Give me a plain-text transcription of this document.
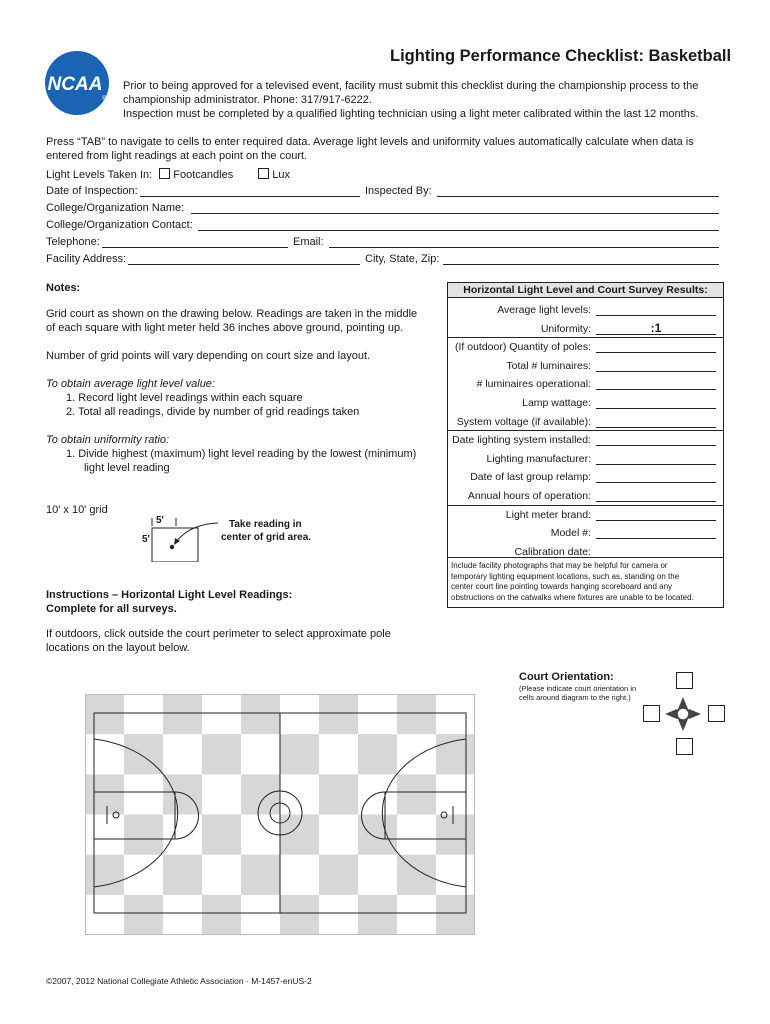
NCAA
®
Lighting Performance Checklist: Basketball
Prior to being approved for a televised event, facility must submit this checklist during the championship process to the
championship administrator. Phone: 317/917-6222.
Inspection must be completed by a qualified lighting technician using a light meter calibrated within the last 12 months.
Press “TAB” to navigate to cells to enter required data. Average light levels and uniformity values automatically calculate when data is
entered from light readings at each point on the court.
Light Levels Taken In: Footcandles	Lux
Date of Inspection:	Inspected By:
College/Organization Name:
College/Organization Contact:
Telephone:	Email:
Facility Address:	City, State, Zip:
Notes:
Grid court as shown on the drawing below. Readings are taken in the middle
of each square with light meter held 36 inches above ground, pointing up.
Number of grid points will vary depending on court size and layout.
To obtain average light level value:
1. Record light level readings within each square
2. Total all readings, divide by number of grid readings taken
To obtain uniformity ratio:
1. Divide highest (maximum) light level reading by the lowest (minimum)
light level reading
10' x 10' grid
5'
5'
Take reading in
center of grid area.
Instructions – Horizontal Light Level Readings:
Complete for all surveys.
If outdoors, click outside the court perimeter to select approximate pole
locations on the layout below.
Horizontal Light Level and Court Survey Results:
Average light levels:
Uniformity:	:1
(If outdoor) Quantity of poles:
Total # luminaires:
# luminaires operational:
Lamp wattage:
System voltage (if available):
Date lighting system installed:
Lighting manufacturer:
Date of last group relamp:
Annual hours of operation:
Light meter brand:
Model #:
Calibration date:
Include facility photographs that may be helpful for camera or
temporary lighting equipment locations, such as, standing on the
center court line pointing towards hanging scoreboard and any
obstructions on the catwalks where fixtures are unable to be located.
Court Orientation:
(Please indicate court orientation in
cells around diagram to the right.)
©2007, 2012 National Collegiate Athletic Association · M-1457-enUS-2
